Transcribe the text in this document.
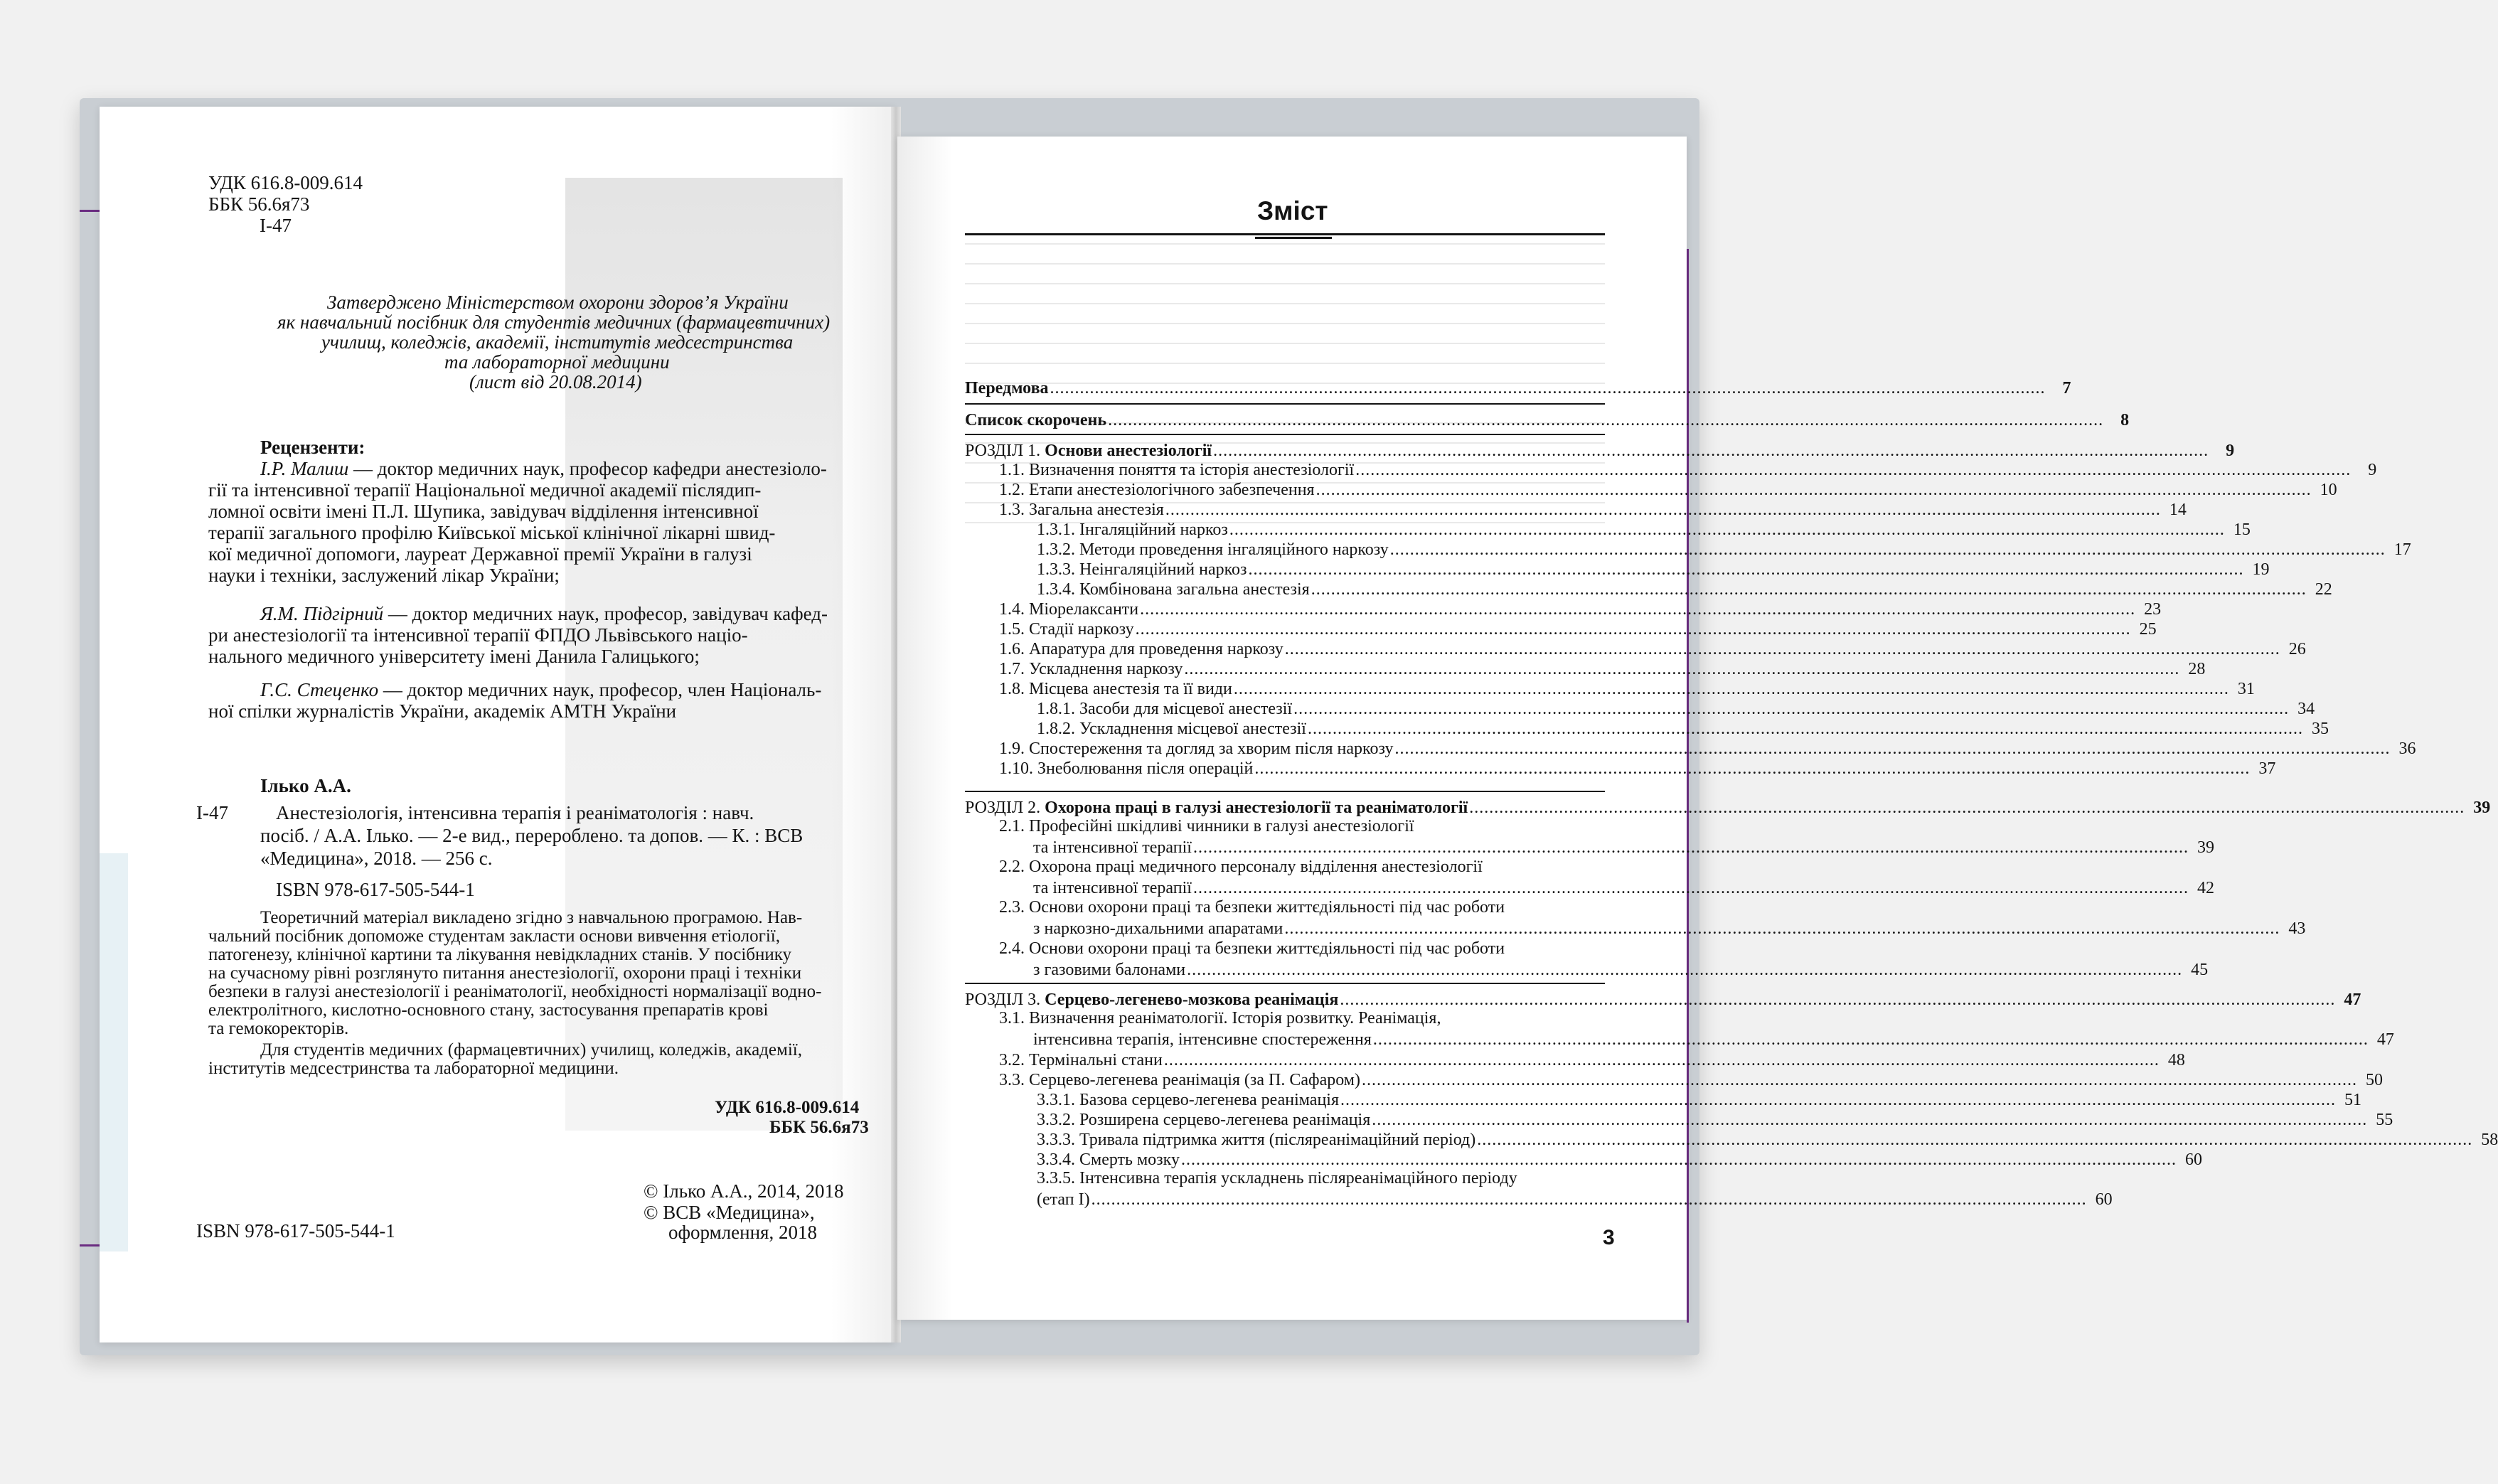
УДК 616.8-009.614
ББК 56.6я73
І-47
Затверджено Міністерством охорони здоров’я України
як навчальний посібник для студентів медичних (фармацевтичних)
училищ, коледжів, академії, інститутів медсестринства
та лабораторної медицини
(лист від 20.08.2014)
Рецензенти:
І.Р. Малиш — доктор медичних наук, професор кафедри анестезіоло-
гії та інтенсивної терапії Національної медичної академії післядип-
ломної освіти імені П.Л. Шупика, завідувач відділення інтенсивної
терапії загального профілю Київської міської клінічної лікарні швид-
кої медичної допомоги, лауреат Державної премії України в галузі
науки і техніки, заслужений лікар України;
Я.М. Підгірний — доктор медичних наук, професор, завідувач кафед-
ри анестезіології та інтенсивної терапії ФПДО Львівського націо-
нального медичного університету імені Данила Галицького;
Г.С. Стеценко — доктор медичних наук, професор, член Національ-
ної спілки журналістів України, академік АМТН України
Ілько А.А.
І-47 Анестезіологія, інтенсивна терапія і реаніматологія : навч.
посіб. / А.А. Ілько. — 2-е вид., перероблено. та допов. — К. : ВСВ
«Медицина», 2018. — 256 с.
ISBN 978-617-505-544-1
Теоретичний матеріал викладено згідно з навчальною програмою. Нав-
чальний посібник допоможе студентам закласти основи вивчення етіології,
патогенезу, клінічної картини та лікування невідкладних станів. У посібнику
на сучасному рівні розглянуто питання анестезіології, охорони праці і техніки
безпеки в галузі анестезіології і реаніматології, необхідності нормалізації водно-
електролітного, кислотно-основного стану, застосування препаратів крові
та гемокоректорів.
Для студентів медичних (фармацевтичних) училищ, коледжів, академії,
інститутів медсестринства та лабораторної медицини.
УДК 616.8-009.614
ББК 56.6я73
© Ілько А.А., 2014, 2018
© ВСВ «Медицина»,
оформлення, 2018
ISBN 978-617-505-544-1
Зміст
Передмова ........................................................................................................................................................................................................	7
Список скорочень ........................................................................................................................................................................................................	8
РОЗДІЛ 1. Основи анестезіології ........................................................................................................................................................................................................	9
1.1. Визначення поняття та історія анестезіології ........................................................................................................................................................................................................	9
1.2. Етапи анестезіологічного забезпечення ........................................................................................................................................................................................................ 10
1.3. Загальна анестезія ........................................................................................................................................................................................................ 14
1.3.1. Інгаляційний наркоз ........................................................................................................................................................................................................ 15
1.3.2. Методи проведення інгаляційного наркозу ........................................................................................................................................................................................................ 17
1.3.3. Неінгаляційний наркоз ........................................................................................................................................................................................................ 19
1.3.4. Комбінована загальна анестезія ........................................................................................................................................................................................................ 22
1.4. Міорелаксанти ........................................................................................................................................................................................................ 23
1.5. Стадії наркозу ........................................................................................................................................................................................................ 25
1.6. Апаратура для проведення наркозу ........................................................................................................................................................................................................ 26
1.7. Ускладнення наркозу ........................................................................................................................................................................................................ 28
1.8. Місцева анестезія та її види ........................................................................................................................................................................................................ 31
1.8.1. Засоби для місцевої анестезії ........................................................................................................................................................................................................ 34
1.8.2. Ускладнення місцевої анестезії ........................................................................................................................................................................................................ 35
1.9. Спостереження та догляд за хворим після наркозу ........................................................................................................................................................................................................ 36
1.10. Знеболювання після операцій ........................................................................................................................................................................................................ 37
РОЗДІЛ 2. Охорона праці в галузі анестезіології та реаніматології ........................................................................................................................................................................................................ 39
2.1. Професійні шкідливі чинники в галузі анестезіології
та інтенсивної терапії ........................................................................................................................................................................................................ 39
2.2. Охорона праці медичного персоналу відділення анестезіології
та інтенсивної терапії ........................................................................................................................................................................................................ 42
2.3. Основи охорони праці та безпеки життєдіяльності під час роботи
з наркозно-дихальними апаратами ........................................................................................................................................................................................................ 43
2.4. Основи охорони праці та безпеки життєдіяльності під час роботи
з газовими балонами ........................................................................................................................................................................................................ 45
РОЗДІЛ 3. Серцево-легенево-мозкова реанімація ........................................................................................................................................................................................................ 47
3.1. Визначення реаніматології. Історія розвитку. Реанімація,
інтенсивна терапія, інтенсивне спостереження ........................................................................................................................................................................................................ 47
3.2. Термінальні стани ........................................................................................................................................................................................................ 48
3.3. Серцево-легенева реанімація (за П. Сафаром) ........................................................................................................................................................................................................ 50
3.3.1. Базова серцево-легенева реанімація ........................................................................................................................................................................................................ 51
3.3.2. Розширена серцево-легенева реанімація ........................................................................................................................................................................................................ 55
3.3.3. Тривала підтримка життя (післяреанімаційний період) ........................................................................................................................................................................................................ 58
3.3.4. Смерть мозку ........................................................................................................................................................................................................ 60
3.3.5. Інтенсивна терапія ускладнень післяреанімаційного періоду
(етап І) ........................................................................................................................................................................................................ 60
3
